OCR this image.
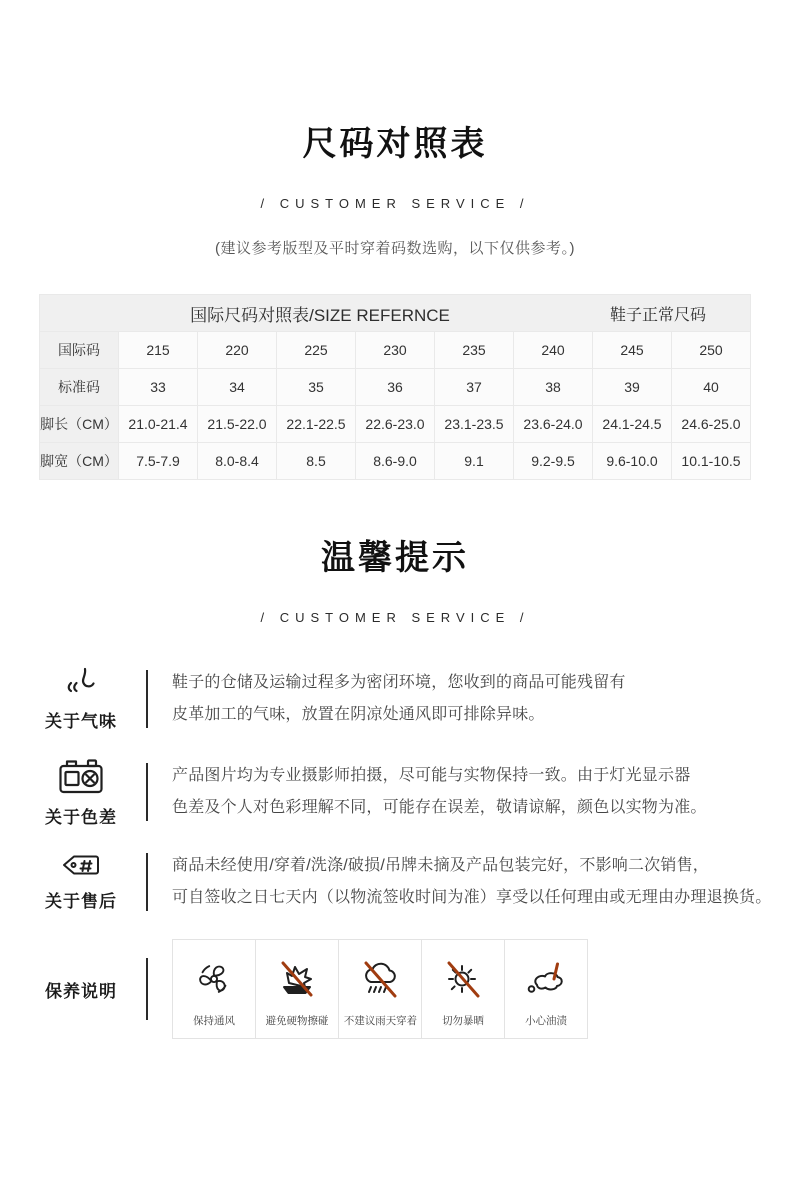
尺码对照表
/ CUSTOMER SERVICE /

(建议参考版型及平时穿着码数选购，以下仅供参考。)

国际尺码对照表/SIZE REFERNCE 鞋子正常尺码								

国际码	215	220	225	230	235	240	245	250
标准码	33	34	35	36	37	38	39	40
脚长（CM）	21.0-21.4	21.5-22.0	22.1-22.5	22.6-23.0	23.1-23.5	23.6-24.0	24.1-24.5	24.6-25.0
脚宽（CM）	7.5-7.9	8.0-8.4	8.5	8.6-9.0	9.1	9.2-9.5	9.6-10.0	10.1-10.5
温馨提示
/ CUSTOMER SERVICE /
关于气味
鞋子的仓储及运输过程多为密闭环境，您收到的商品可能残留有
皮革加工的气味，放置在阴凉处通风即可排除异味。
关于色差
产品图片均为专业摄影师拍摄，尽可能与实物保持一致。由于灯光显示器
色差及个人对色彩理解不同，可能存在误差，敬请谅解，颜色以实物为准。
关于售后
商品未经使用/穿着/洗涤/破损/吊牌未摘及产品包装完好，不影响二次销售，
可自签收之日七天内（以物流签收时间为准）享受以任何理由或无理由办理退换货。
保养说明
保持通风	避免硬物擦碰 不建议雨天穿着 切勿暴晒	小心油渍
